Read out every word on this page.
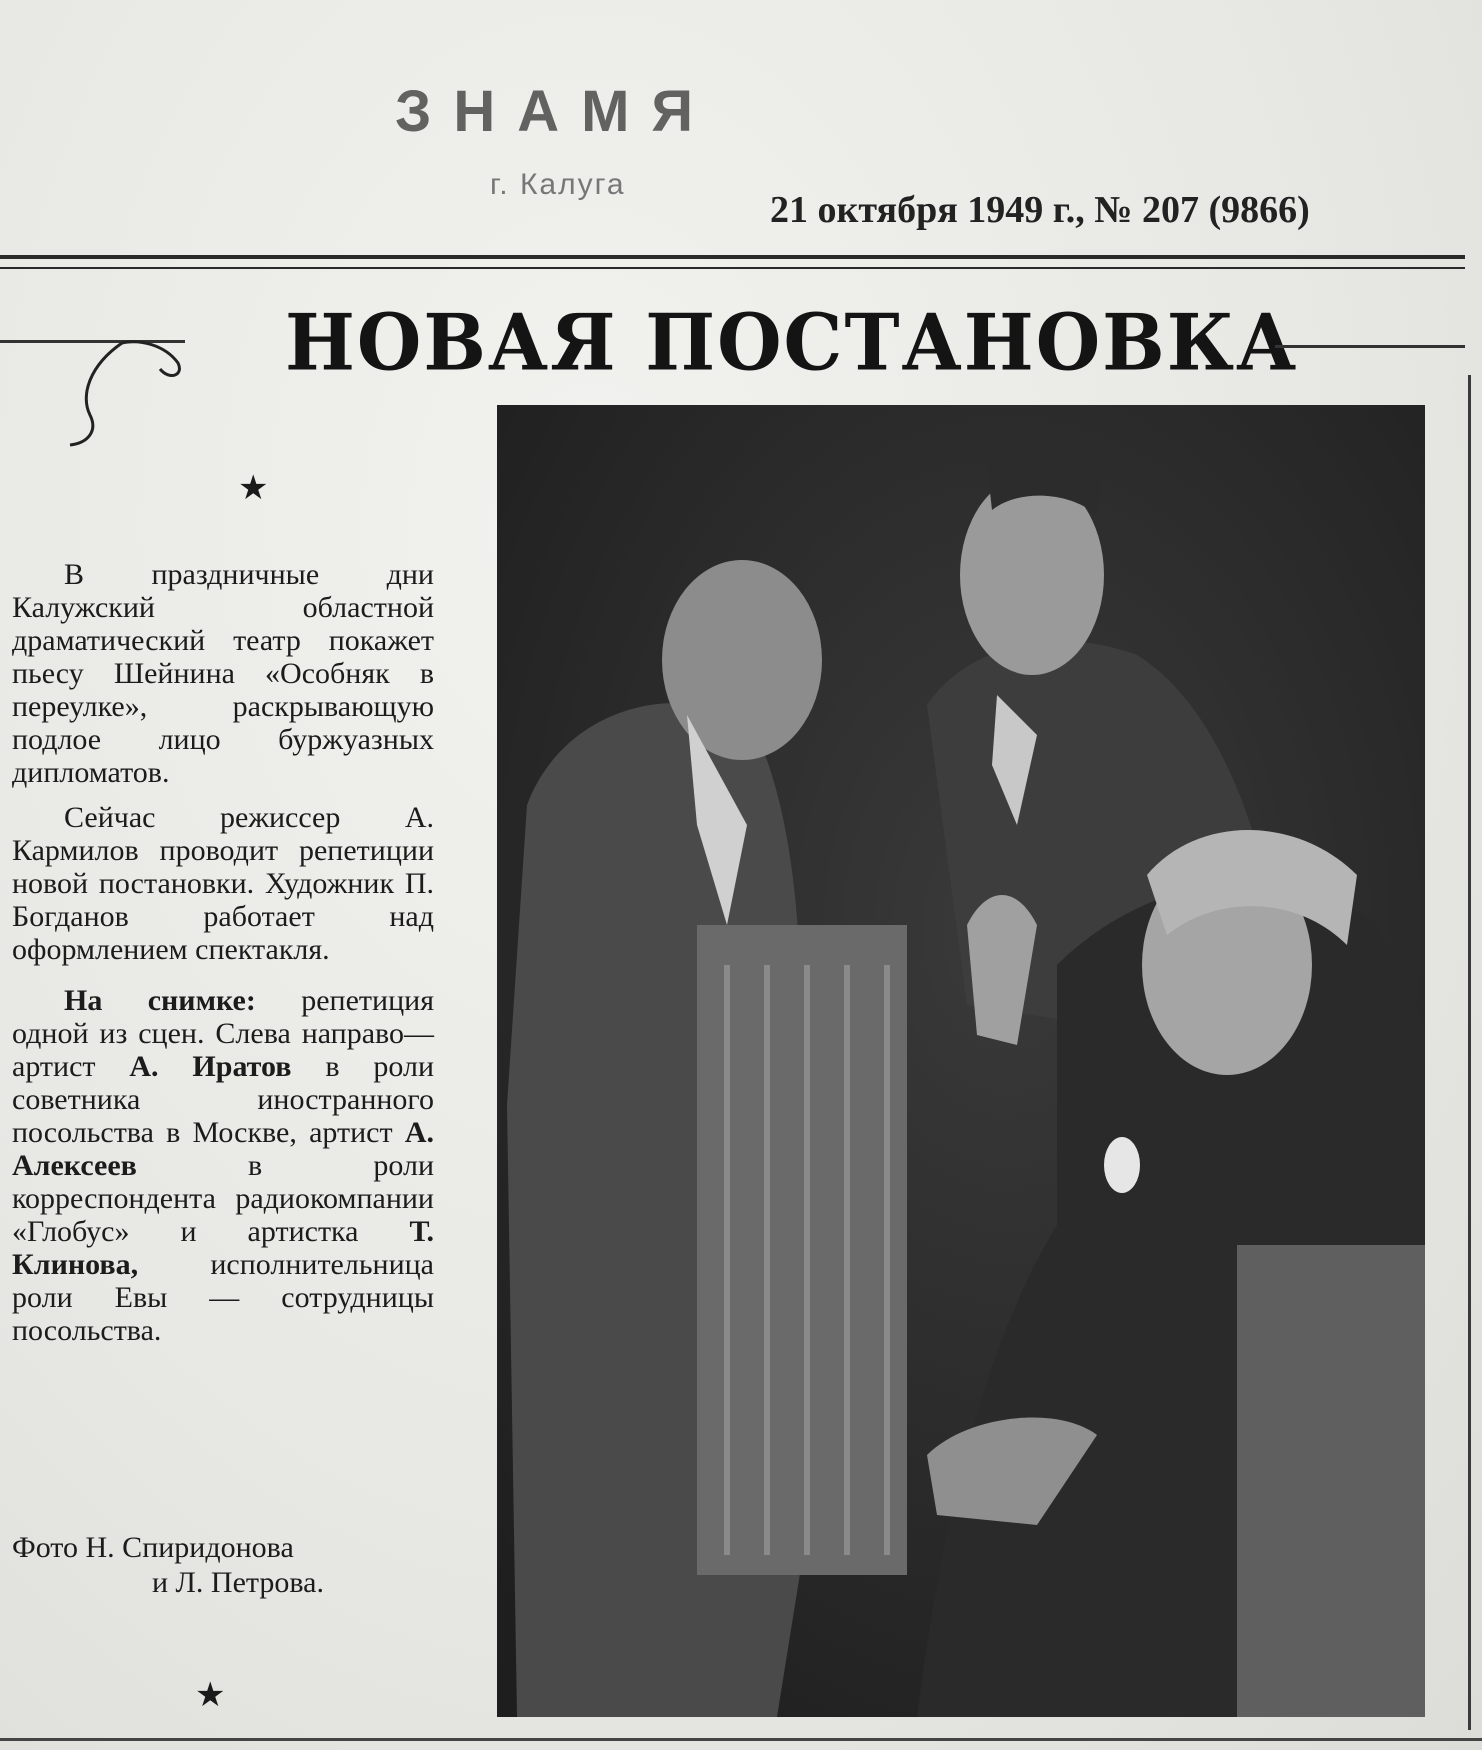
ЗНАМЯ
г. Калуга
21 октября 1949 г., № 207 (9866)
НОВАЯ ПОСТАНОВКА
★

В праздничные дни Калужский областной драматический театр покажет пьесу Шейнина «Особняк в переулке», раскрывающую подлое лицо буржуазных дипломатов.

Сейчас режиссер А. Кармилов проводит репетиции новой постановки. Художник П. Богданов работает над оформлением спектакля.

На снимке: репетиция одной из сцен. Слева направо—артист А. Иратов в роли советника иностранного посольства в Москве, артист А. Алексеев в роли корреспондента радиокомпании «Глобус» и артистка Т. Клинова, исполнительница роли Евы — сотрудницы посольства.

Фото Н. Спиридонова
и Л. Петрова.
★
